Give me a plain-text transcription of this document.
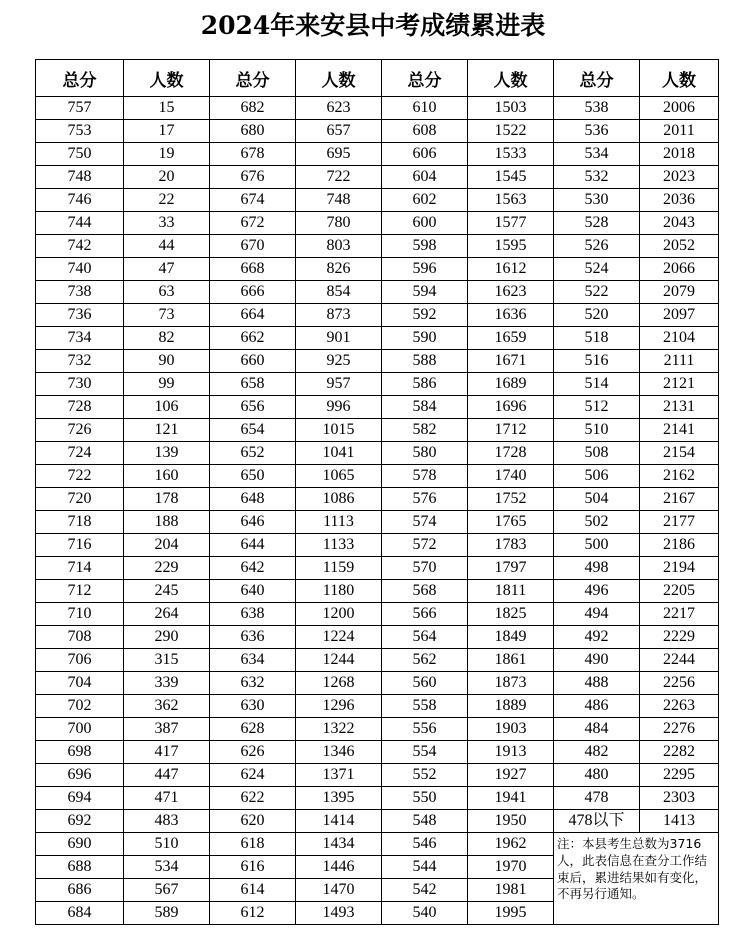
2024年来安县中考成绩累进表
总分	人数	总分	人数	总分	人数	总分	人数
757	15	682	623	610	1503	538	2006
753	17	680	657	608	1522	536	2011
750	19	678	695	606	1533	534	2018
748	20	676	722	604	1545	532	2023
746	22	674	748	602	1563	530	2036
744	33	672	780	600	1577	528	2043
742	44	670	803	598	1595	526	2052
740	47	668	826	596	1612	524	2066
738	63	666	854	594	1623	522	2079
736	73	664	873	592	1636	520	2097
734	82	662	901	590	1659	518	2104
732	90	660	925	588	1671	516	2111
730	99	658	957	586	1689	514	2121
728	106	656	996	584	1696	512	2131
726	121	654	1015	582	1712	510	2141
724	139	652	1041	580	1728	508	2154
722	160	650	1065	578	1740	506	2162
720	178	648	1086	576	1752	504	2167
718	188	646	1113	574	1765	502	2177
716	204	644	1133	572	1783	500	2186
714	229	642	1159	570	1797	498	2194
712	245	640	1180	568	1811	496	2205
710	264	638	1200	566	1825	494	2217
708	290	636	1224	564	1849	492	2229
706	315	634	1244	562	1861	490	2244
704	339	632	1268	560	1873	488	2256
702	362	630	1296	558	1889	486	2263
700	387	628	1322	556	1903	484	2276
698	417	626	1346	554	1913	482	2282
696	447	624	1371	552	1927	480	2295
694	471	622	1395	550	1941	478	2303
692	483	620	1414	548	1950	478以下	1413
690	510	618	1434	546	1962	注：本县考生总数为3716人，此表信息在查分工作结束后，累进结果如有变化，不再另行通知。	
688	534	616	1446	544	1970		
686	567	614	1470	542	1981		
684	589	612	1493	540	1995		
